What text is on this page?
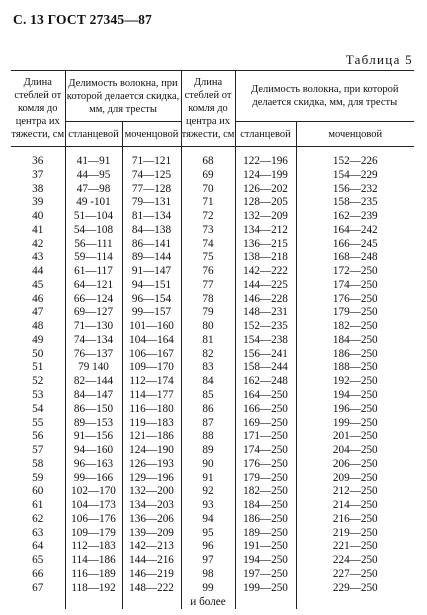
С. 13 ГОСТ 27345—87
Таблица 5
Длина стеблей от комля до центра их тяжести, см	Делимость волокна, при которой делается скидка, мм, для тресты		Длина стеблей от комля до центра их тяжести, см	Делимость волокна, при которой делается скидка, мм, для тресты	
	стланцевой	моченцовой		стланцевой	моченцовой

36	41—91	71—121	68	122—196	152—226
37	44—95	74—125	69	124—199	154—229
38	47—98	77—128	70	126—202	156—232
39	49 -101	79—131	71	128—205	158—235
40	51—104	81—134	72	132—209	162—239
41	54—108	84—138	73	134—212	164—242
42	56—111	86—141	74	136—215	166—245
43	59—114	89—144	75	138—218	168—248
44	61—117	91—147	76	142—222	172—250
45	64—121	94—151	77	144—225	174—250
46	66—124	96—154	78	146—228	176—250
47	69—127	99—157	79	148—231	179—250
48	71—130	101—160	80	152—235	182—250
49	74—134	104—164	81	154—238	184—250
50	76—137	106—167	82	156—241	186—250
51	79 140	109—170	83	158—244	188—250
52	82—144	112—174	84	162—248	192—250
53	84—147	114—177	85	164—250	194—250
54	86—150	116—180	86	166—250	196—250
55	89—153	119—183	87	169—250	199—250
56	91—156	121—186	88	171—250	201—250
57	94—160	124—190	89	174—250	204—250
58	96—163	126—193	90	176—250	206—250
59	99—166	129—196	91	179—250	209—250
60	102—170	132—200	92	182—250	212—250
61	104—173	134—203	93	184—250	214—250
62	106—176	136—206	94	186—250	216—250
63	109—179	139—209	95	189—250	219—250
64	112—183	142—213	96	191—250	221—250
65	114—186	144—216	97	194—250	224—250
66	116—189	146—219	98	197—250	227—250
67	118—192	148—222	99	199—250	229—250
			и более		
